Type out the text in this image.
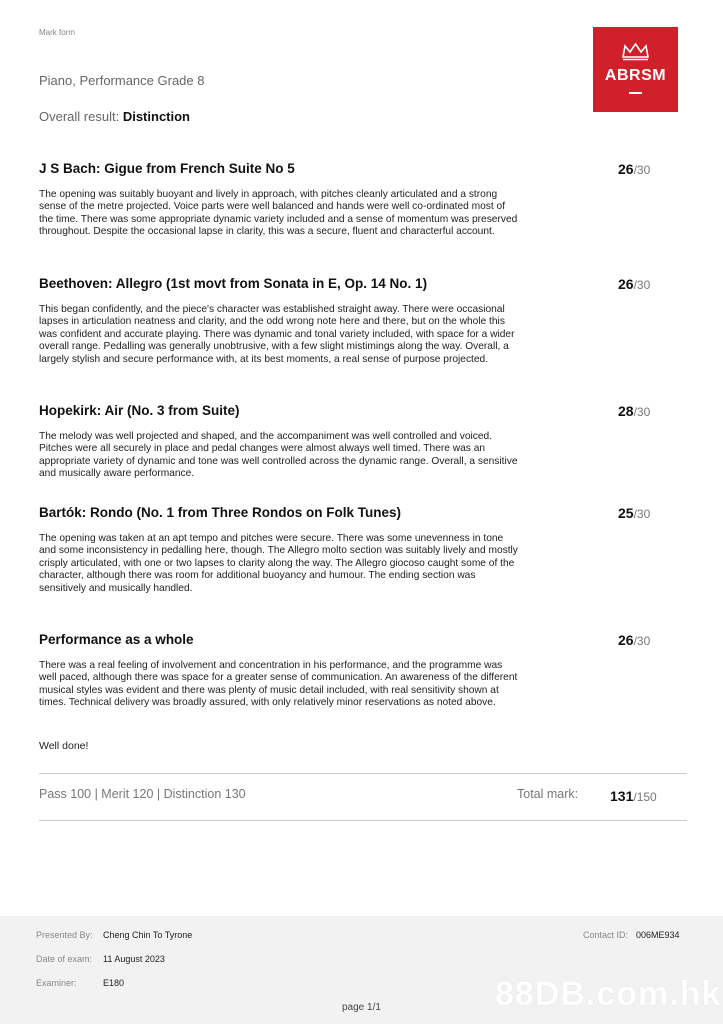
Mark form
Piano, Performance Grade 8
Overall result: Distinction
ABRSM
J S Bach: Gigue from French Suite No 5	26/30
The opening was suitably buoyant and lively in approach, with pitches cleanly articulated and a strong sense of the metre projected. Voice parts were well balanced and hands were well co-ordinated most of the time. There was some appropriate dynamic variety included and a sense of momentum was preserved throughout. Despite the occasional lapse in clarity, this was a secure, fluent and characterful account.
Beethoven: Allegro (1st movt from Sonata in E, Op. 14 No. 1)	26/30
This began confidently, and the piece's character was established straight away. There were occasional lapses in articulation neatness and clarity, and the odd wrong note here and there, but on the whole this was confident and accurate playing. There was dynamic and tonal variety included, with space for a wider overall range. Pedalling was generally unobtrusive, with a few slight mistimings along the way. Overall, a largely stylish and secure performance with, at its best moments, a real sense of purpose projected.
Hopekirk: Air (No. 3 from Suite)	28/30
The melody was well projected and shaped, and the accompaniment was well controlled and voiced. Pitches were all securely in place and pedal changes were almost always well timed. There was an appropriate variety of dynamic and tone was well controlled across the dynamic range. Overall, a sensitive and musically aware performance.
Bartók: Rondo (No. 1 from Three Rondos on Folk Tunes)	25/30
The opening was taken at an apt tempo and pitches were secure. There was some unevenness in tone and some inconsistency in pedalling here, though. The Allegro molto section was suitably lively and mostly crisply articulated, with one or two lapses to clarity along the way. The Allegro giocoso caught some of the character, although there was room for additional buoyancy and humour. The ending section was sensitively and musically handled.
Performance as a whole	26/30
There was a real feeling of involvement and concentration in his performance, and the programme was well paced, although there was space for a greater sense of communication. An awareness of the different musical styles was evident and there was plenty of music detail included, with real sensitivity shown at times. Technical delivery was broadly assured, with only relatively minor reservations as noted above.
Well done!
Pass 100 | Merit 120 | Distinction 130	Total mark: 131/150
Presented By: Cheng Chin To Tyrone
Date of exam: 11 August 2023
Examiner:	E180
Contact ID: 006ME934
page 1/1	88DB.com.hk
